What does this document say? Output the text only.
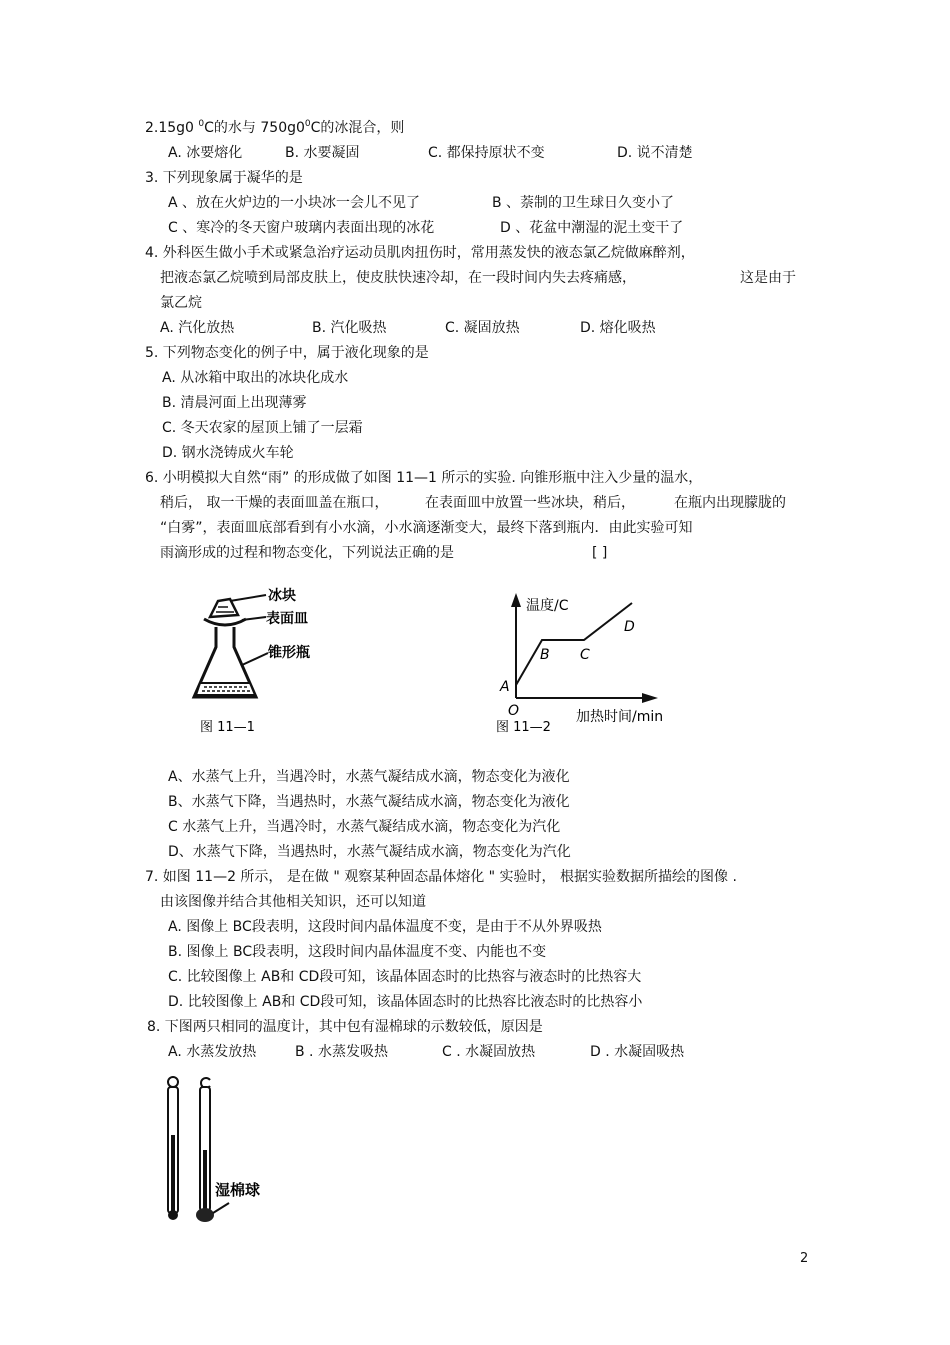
2.15g0 $^0$C的水与 $750g0^0C$的冰混合，则
A. 冰要熔化	B. 水要凝固	C. 都保持原状不变	D. 说不清楚
3. 下列现象属于凝华的是
A 、放在火炉边的一小块冰一会儿不见了	B 、萘制的卫生球日久变小了
C 、寒冷的冬天窗户玻璃内表面出现的冰花	D 、花盆中潮湿的泥土变干了
4. 外科医生做小手术或紧急治疗运动员肌肉扭伤时，常用蒸发快的液态氯乙烷做麻醉剂，
把液态氯乙烷喷到局部皮肤上，使皮肤快速冷却，在一段时间内失去疼痛感，	这是由于
氯乙烷
A. 汽化放热	B. 汽化吸热	C. 凝固放热	D. 熔化吸热
5. 下列物态变化的例子中，属于液化现象的是
A. 从冰箱中取出的冰块化成水
B. 清晨河面上出现薄雾
C. 冬天农家的屋顶上铺了一层霜
D. 钢水浇铸成火车轮
6. 小明模拟大自然“雨” 的形成做了如图 11—1 所示的实验. 向锥形瓶中注入少量的温水，
稍后， 取一干燥的表面皿盖在瓶口，	在表面皿中放置一些冰块，稍后，	在瓶内出现朦胧的
“白雾”，表面皿底部看到有小水滴，小水滴逐渐变大，最终下落到瓶内．由此实验可知
雨滴形成的过程和物态变化，下列说法正确的是	[ ]
冰块
表面皿
锥形瓶
图 11—1
温度/C
加热时间/min
O
A
B C
D
图 11—2
A、水蒸气上升，当遇冷时，水蒸气凝结成水滴，物态变化为液化
B、水蒸气下降，当遇热时，水蒸气凝结成水滴，物态变化为液化
C 水蒸气上升，当遇冷时，水蒸气凝结成水滴，物态变化为汽化
D、水蒸气下降，当遇热时，水蒸气凝结成水滴，物态变化为汽化
7. 如图 11—2 所示， 是在做 " 观察某种固态晶体熔化 " 实验时， 根据实验数据所描绘的图像 .
由该图像并结合其他相关知识，还可以知道
A. 图像上 BC段表明，这段时间内晶体温度不变，是由于不从外界吸热
B. 图像上 BC段表明，这段时间内晶体温度不变、内能也不变
C. 比较图像上 AB和 CD段可知，该晶体固态时的比热容与液态时的比热容大
D. 比较图像上 AB和 CD段可知，该晶体固态时的比热容比液态时的比热容小
8. 下图两只相同的温度计，其中包有湿棉球的示数较低，原因是
A. 水蒸发放热	B . 水蒸发吸热	C . 水凝固放热	D . 水凝固吸热
湿棉球
2
